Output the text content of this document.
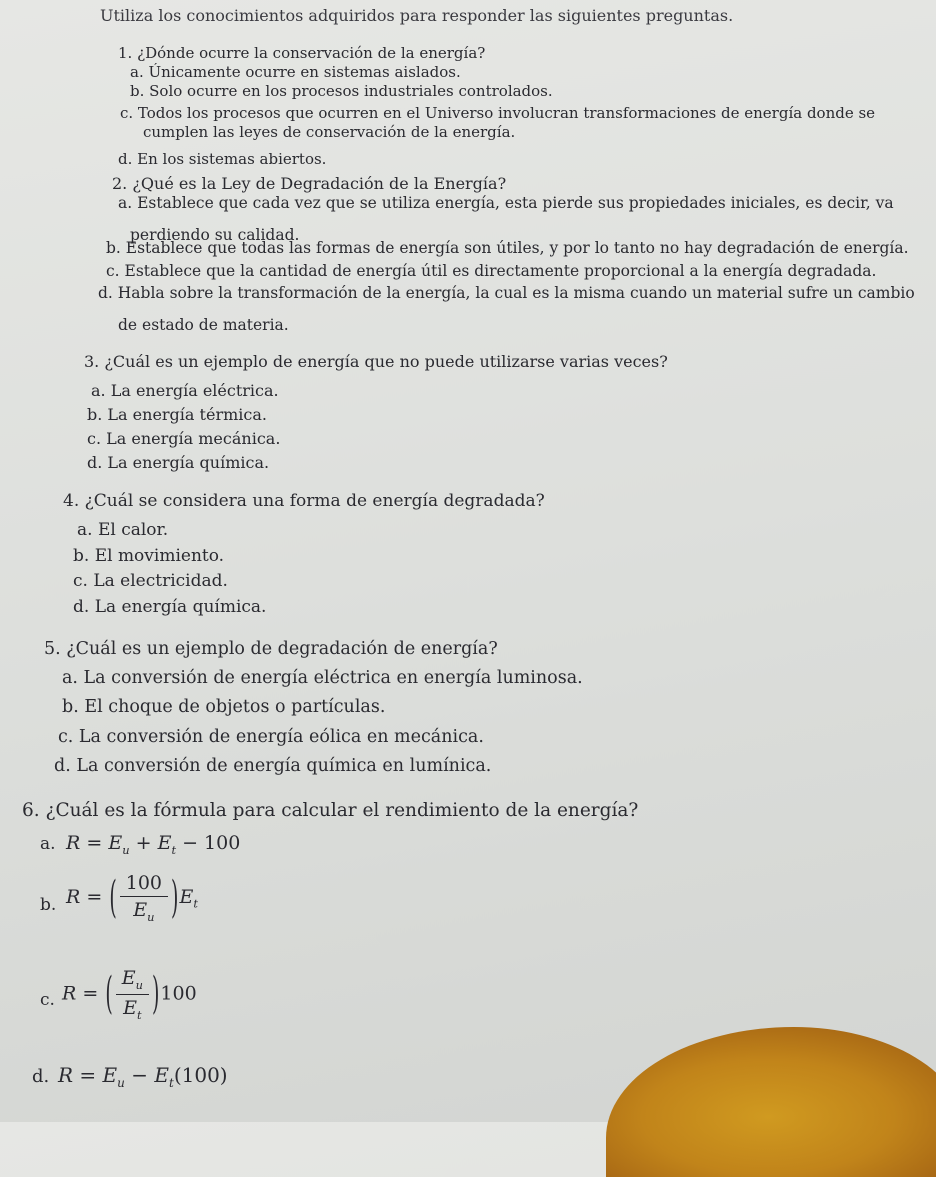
Utiliza los conocimientos adquiridos para responder las siguientes preguntas.
1. ¿Dónde ocurre la conservación de la energía?
a. Únicamente ocurre en sistemas aislados.
b. Solo ocurre en los procesos industriales controlados.
c. Todos los procesos que ocurren en el Universo involucran transformaciones de energía donde se
cumplen las leyes de conservación de la energía.
d. En los sistemas abiertos.
2. ¿Qué es la Ley de Degradación de la Energía?
a. Establece que cada vez que se utiliza energía, esta pierde sus propiedades iniciales, es decir, va
perdiendo su calidad.
b. Establece que todas las formas de energía son útiles, y por lo tanto no hay degradación de energía.
c. Establece que la cantidad de energía útil es directamente proporcional a la energía degradada.
d. Habla sobre la transformación de la energía, la cual es la misma cuando un material sufre un cambio
de estado de materia.
3. ¿Cuál es un ejemplo de energía que no puede utilizarse varias veces?
a. La energía eléctrica.
b. La energía térmica.
c. La energía mecánica.
d. La energía química.
4. ¿Cuál se considera una forma de energía degradada?
a. El calor.
b. El movimiento.
c. La electricidad.
d. La energía química.
5. ¿Cuál es un ejemplo de degradación de energía?
a. La conversión de energía eléctrica en energía luminosa.
b. El choque de objetos o partículas.
c. La conversión de energía eólica en mecánica.
d. La conversión de energía química en lumínica.
6. ¿Cuál es la fórmula para calcular el rendimiento de la energía?
a. $R = E_u + E_t - 100$
b. R = ( $\frac{100}{E_u} )E_t$
c. R = ( $\frac{E_u}{E_t} )100$
d. $R = E_u - E_t(100)$
